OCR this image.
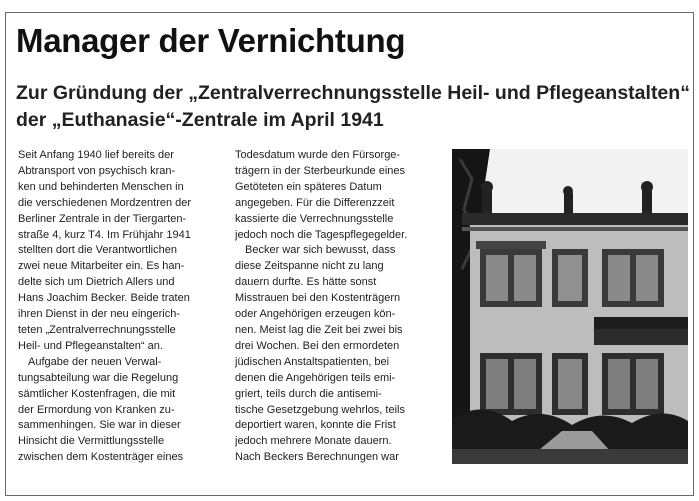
Manager der Vernichtung
Zur Gründung der „Zentralverrechnungsstelle Heil- und Pflegeanstalten“
der „Euthanasie“-Zentrale im April 1941
Seit Anfang 1940 lief bereits der
Abtransport von psychisch kran-
ken und behinderten Menschen in
die verschiedenen Mordzentren der
Berliner Zentrale in der Tiergarten-
straße 4, kurz T4. Im Frühjahr 1941
stellten dort die Verantwortlichen
zwei neue Mitarbeiter ein. Es han-
delte sich um Dietrich Allers und
Hans Joachim Becker. Beide traten
ihren Dienst in der neu eingerich-
teten „Zentralverrechnungsstelle
Heil- und Pflegeanstalten“ an.
Aufgabe der neuen Verwal-
tungsabteilung war die Regelung
sämtlicher Kostenfragen, die mit
der Ermordung von Kranken zu-
sammenhingen. Sie war in dieser
Hinsicht die Vermittlungsstelle
zwischen dem Kostenträger eines
Todesdatum wurde den Fürsorge-
trägern in der Sterbeurkunde eines
Getöteten ein späteres Datum
angegeben. Für die Differenzzeit
kassierte die Verrechnungsstelle
jedoch noch die Tagespflegegelder.
Becker war sich bewusst, dass
diese Zeitspanne nicht zu lang
dauern durfte. Es hätte sonst
Misstrauen bei den Kostenträgern
oder Angehörigen erzeugen kön-
nen. Meist lag die Zeit bei zwei bis
drei Wochen. Bei den ermordeten
jüdischen Anstaltspatienten, bei
denen die Angehörigen teils emi-
griert, teils durch die antisemi-
tische Gesetzgebung wehrlos, teils
deportiert waren, konnte die Frist
jedoch mehrere Monate dauern.
Nach Beckers Berechnungen war
